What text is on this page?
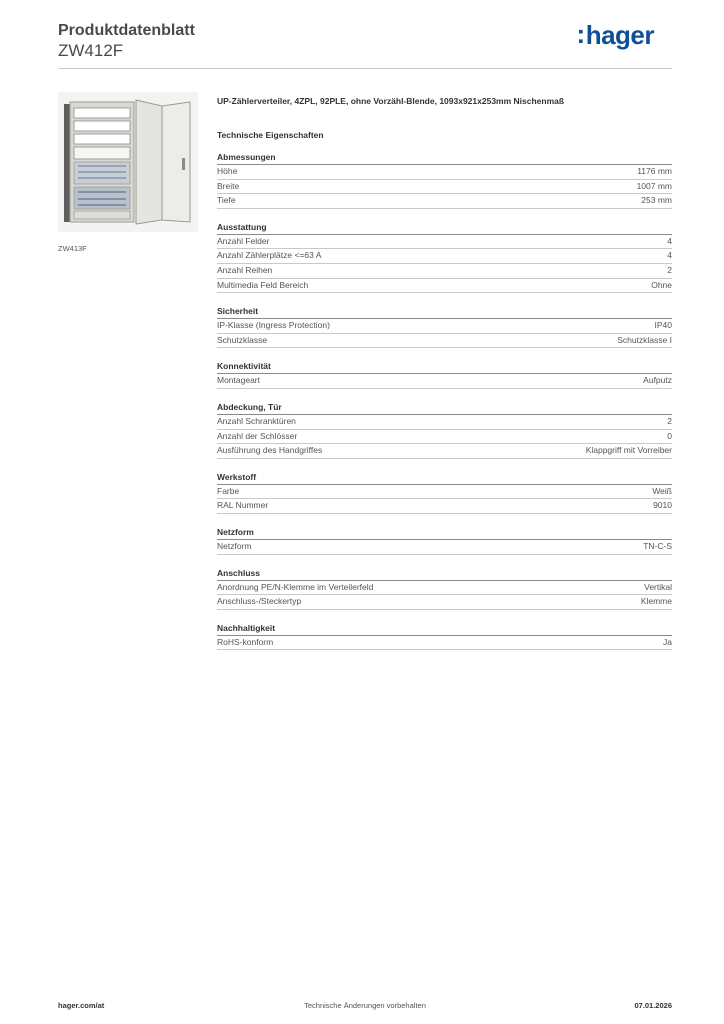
Produktdatenblatt
ZW412F
:hager
ZW413F
UP-Zählerverteiler, 4ZPL, 92PLE, ohne Vorzähl-Blende, 1093x921x253mm Nischenmaß
Technische Eigenschaften
Abmessungen
Höhe	1176 mm
Breite	1007 mm
Tiefe	253 mm
Ausstattung
Anzahl Felder	4
Anzahl Zählerplätze <=63 A	4
Anzahl Reihen	2
Multimedia Feld Bereich	Ohne
Sicherheit
IP-Klasse (Ingress Protection)	IP40
Schutzklasse	Schutzklasse I
Konnektivität
Montageart	Aufputz
Abdeckung, Tür
Anzahl Schranktüren	2
Anzahl der Schlösser	0
Ausführung des Handgriffes	Klappgriff mit Vorreiber
Werkstoff
Farbe	Weiß
RAL Nummer	9010
Netzform
Netzform	TN-C-S
Anschluss
Anordnung PE/N-Klemme im Verteilerfeld	Vertikal
Anschluss-/Steckertyp	Klemme
Nachhaltigkeit
RoHS-konform	Ja
hager.com/at	Technische Änderungen vorbehalten	07.01.2026
